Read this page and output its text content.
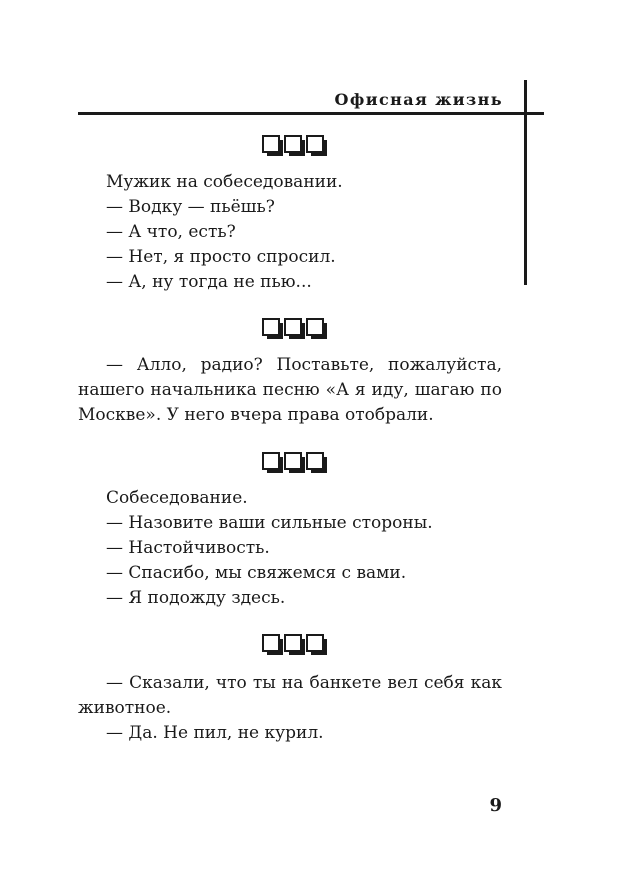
Офисная жизнь
Мужик на собеседовании.
— Водку — пьёшь?
— А что, есть?
— Нет, я просто спросил.
— А, ну тогда не пью...
— Алло, радио? Поставьте, пожалуйста,
нашего начальника песню «А я иду, шагаю по
Москве». У него вчера права отобрали.
Собеседование.
— Назовите ваши сильные стороны.
— Настойчивость.
— Спасибо, мы свяжемся с вами.
— Я подожду здесь.
— Сказали, что ты на банкете вел себя как
животное.
— Да. Не пил, не курил.
9
